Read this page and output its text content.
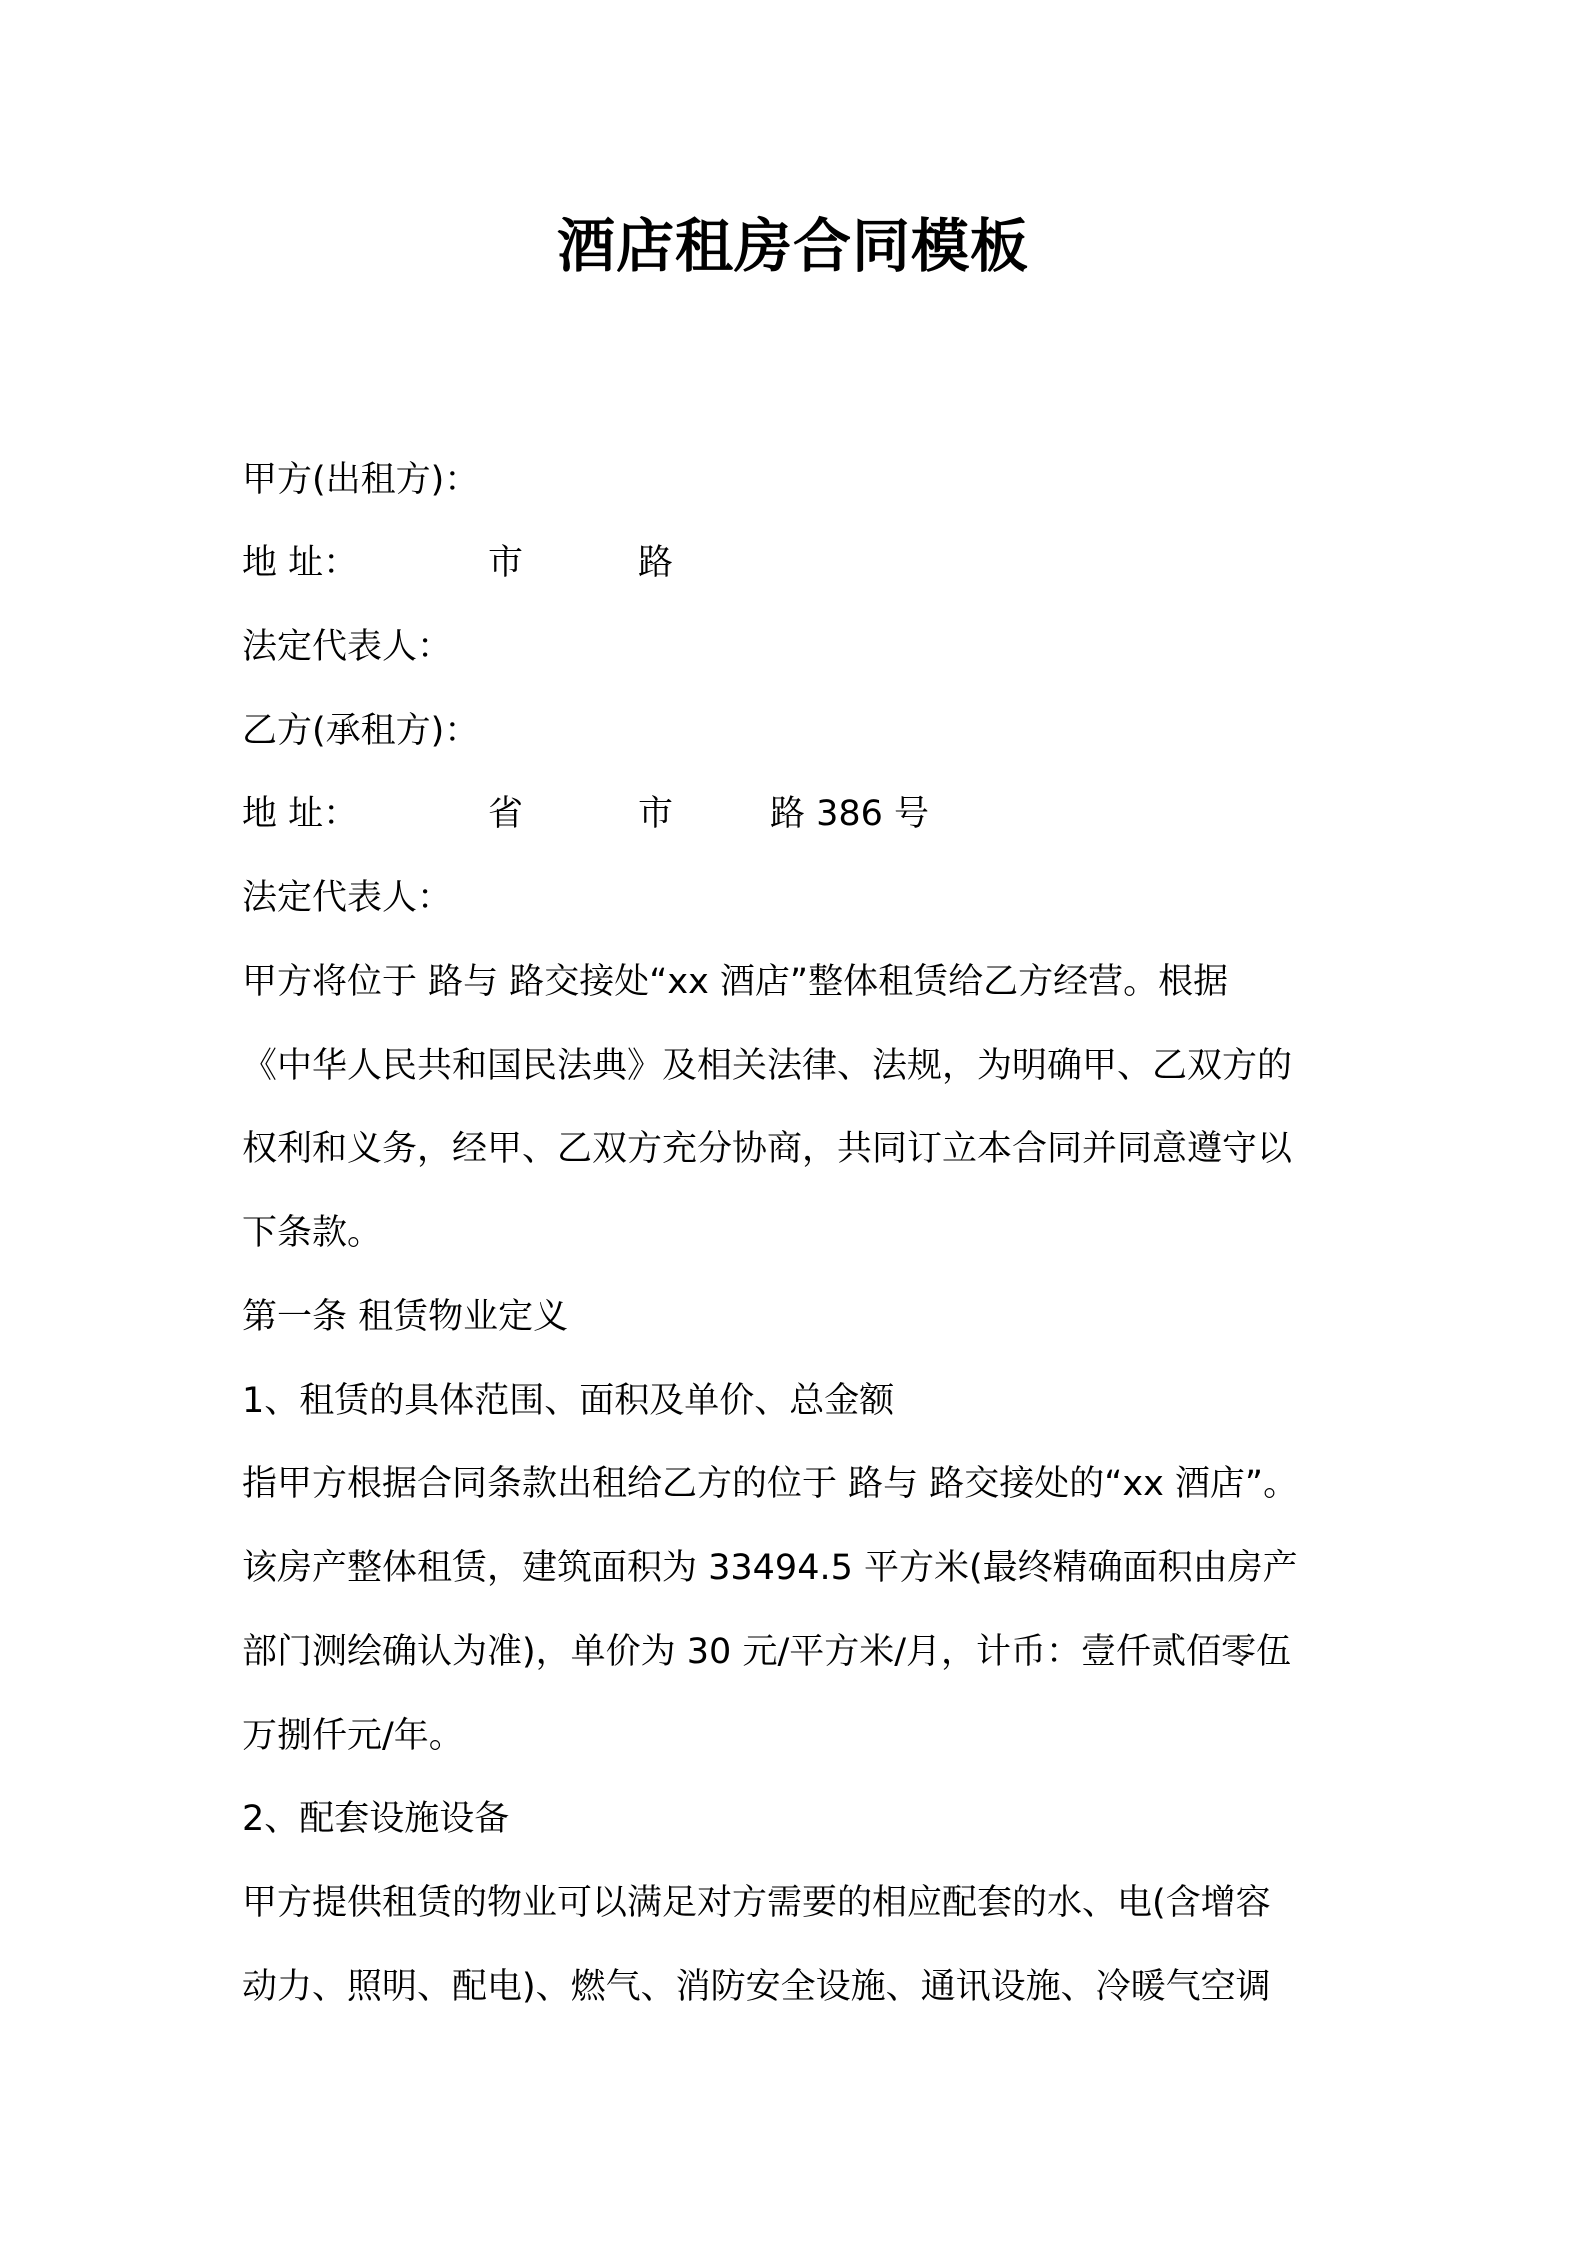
酒店租房合同模板
甲方(出租方)：
地 址：	市	路
法定代表人：
乙方(承租方)：
地 址：	省	市	路 386 号
法定代表人：
甲方将位于 路与 路交接处“xx 酒店”整体租赁给乙方经营。根据
《中华人民共和国民法典》及相关法律、法规，为明确甲、乙双方的
权利和义务，经甲、乙双方充分协商，共同订立本合同并同意遵守以
下条款。
第一条 租赁物业定义
1、租赁的具体范围、面积及单价、总金额
指甲方根据合同条款出租给乙方的位于 路与 路交接处的“xx 酒店”。
该房产整体租赁，建筑面积为 33494.5 平方米(最终精确面积由房产
部门测绘确认为准)，单价为 30 元/平方米/月，计币：壹仟贰佰零伍
万捌仟元/年。
2、配套设施设备
甲方提供租赁的物业可以满足对方需要的相应配套的水、电(含增容
动力、照明、配电)、燃气、消防安全设施、通讯设施、冷暖气空调
